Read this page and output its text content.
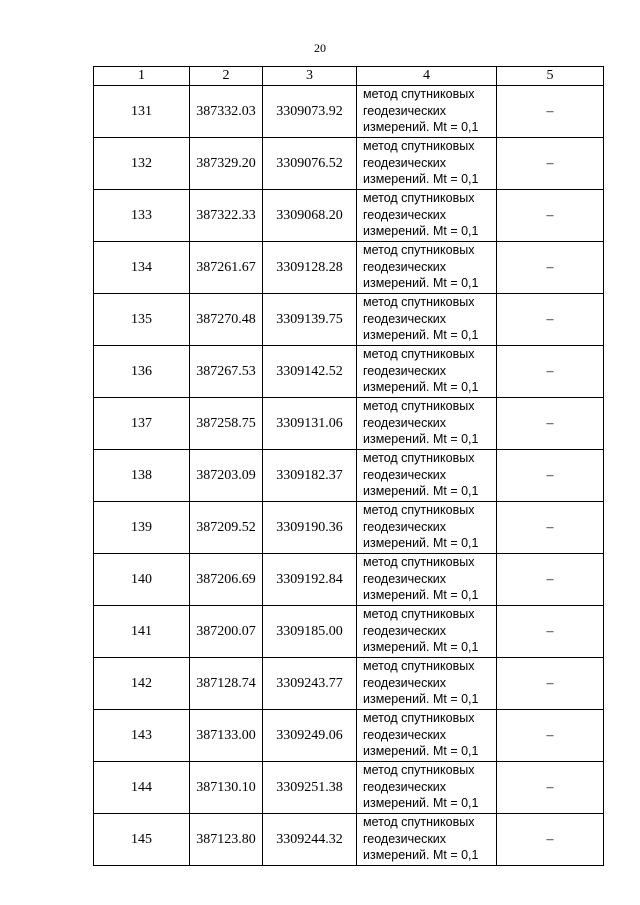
20
1	2	3	4	5
131	387332.03	3309073.92	метод спутниковых геодезических измерений. Mt = 0,1	–
132	387329.20	3309076.52	метод спутниковых геодезических измерений. Mt = 0,1	–
133	387322.33	3309068.20	метод спутниковых геодезических измерений. Mt = 0,1	–
134	387261.67	3309128.28	метод спутниковых геодезических измерений. Mt = 0,1	–
135	387270.48	3309139.75	метод спутниковых геодезических измерений. Mt = 0,1	–
136	387267.53	3309142.52	метод спутниковых геодезических измерений. Mt = 0,1	–
137	387258.75	3309131.06	метод спутниковых геодезических измерений. Mt = 0,1	–
138	387203.09	3309182.37	метод спутниковых геодезических измерений. Mt = 0,1	–
139	387209.52	3309190.36	метод спутниковых геодезических измерений. Mt = 0,1	–
140	387206.69	3309192.84	метод спутниковых геодезических измерений. Mt = 0,1	–
141	387200.07	3309185.00	метод спутниковых геодезических измерений. Mt = 0,1	–
142	387128.74	3309243.77	метод спутниковых геодезических измерений. Mt = 0,1	–
143	387133.00	3309249.06	метод спутниковых геодезических измерений. Mt = 0,1	–
144	387130.10	3309251.38	метод спутниковых геодезических измерений. Mt = 0,1	–
145	387123.80	3309244.32	метод спутниковых геодезических измерений. Mt = 0,1	–
